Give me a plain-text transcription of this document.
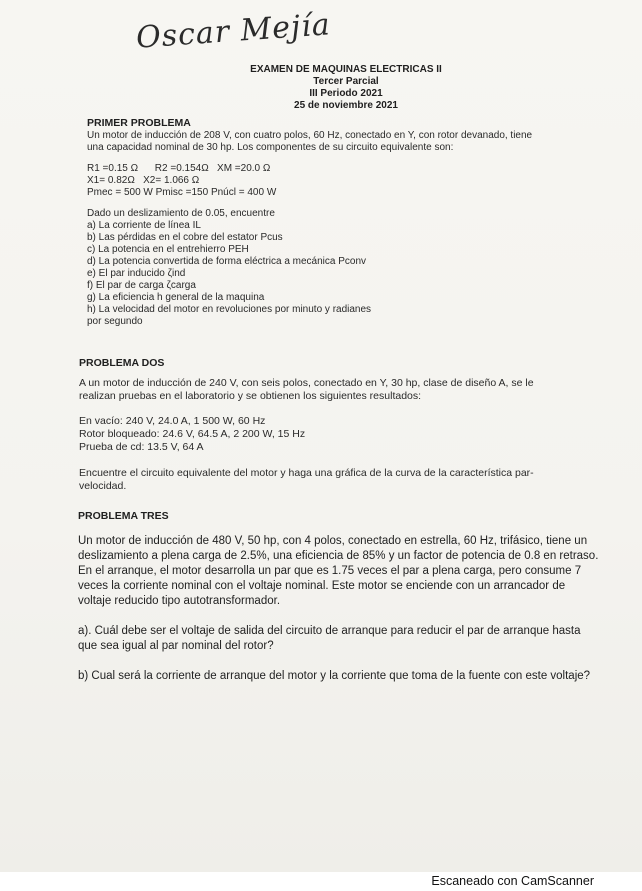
Oscar Mejía
EXAMEN DE MAQUINAS ELECTRICAS II
Tercer Parcial
III Periodo 2021
25 de noviembre 2021
PRIMER PROBLEMA

Un motor de inducción de 208 V, con cuatro polos, 60 Hz, conectado en Y, con rotor devanado, tiene

una capacidad nominal de 30 hp. Los componentes de su circuito equivalente son:

R1 =0.15 Ω      R2 =0.154Ω   XM =20.0 Ω

X1= 0.82Ω   X2= 1.066 Ω

Pmec = 500 W Pmisc =150 Pnúcl = 400 W

Dado un deslizamiento de 0.05, encuentre

a) La corriente de línea IL

b) Las pérdidas en el cobre del estator Pcus

c) La potencia en el entrehierro PEH

d) La potencia convertida de forma eléctrica a mecánica Pconv

e) El par inducido ζind

f) El par de carga ζcarga

g) La eficiencia h general de la maquina

h) La velocidad del motor en revoluciones por minuto y radianes

por segundo

PROBLEMA DOS

A un motor de inducción de 240 V, con seis polos, conectado en Y, 30 hp, clase de diseño A, se le

realizan pruebas en el laboratorio y se obtienen los siguientes resultados:

En vacío: 240 V, 24.0 A, 1 500 W, 60 Hz

Rotor bloqueado: 24.6 V, 64.5 A, 2 200 W, 15 Hz

Prueba de cd: 13.5 V, 64 A

Encuentre el circuito equivalente del motor y haga una gráfica de la curva de la característica par-

velocidad.

PROBLEMA TRES

Un motor de inducción de 480 V, 50 hp, con 4 polos, conectado en estrella, 60 Hz, trifásico, tiene un

deslizamiento a plena carga de 2.5%, una eficiencia de 85% y un factor de potencia de 0.8 en retraso.

En el arranque, el motor desarrolla un par que es 1.75 veces el par a plena carga, pero consume 7

veces la corriente nominal con el voltaje nominal. Este motor se enciende con un arrancador de

voltaje reducido tipo autotransformador.

a). Cuál debe ser el voltaje de salida del circuito de arranque para reducir el par de arranque hasta

que sea igual al par nominal del rotor?

b) Cual será la corriente de arranque del motor y la corriente que toma de la fuente con este voltaje?

Escaneado con CamScanner
